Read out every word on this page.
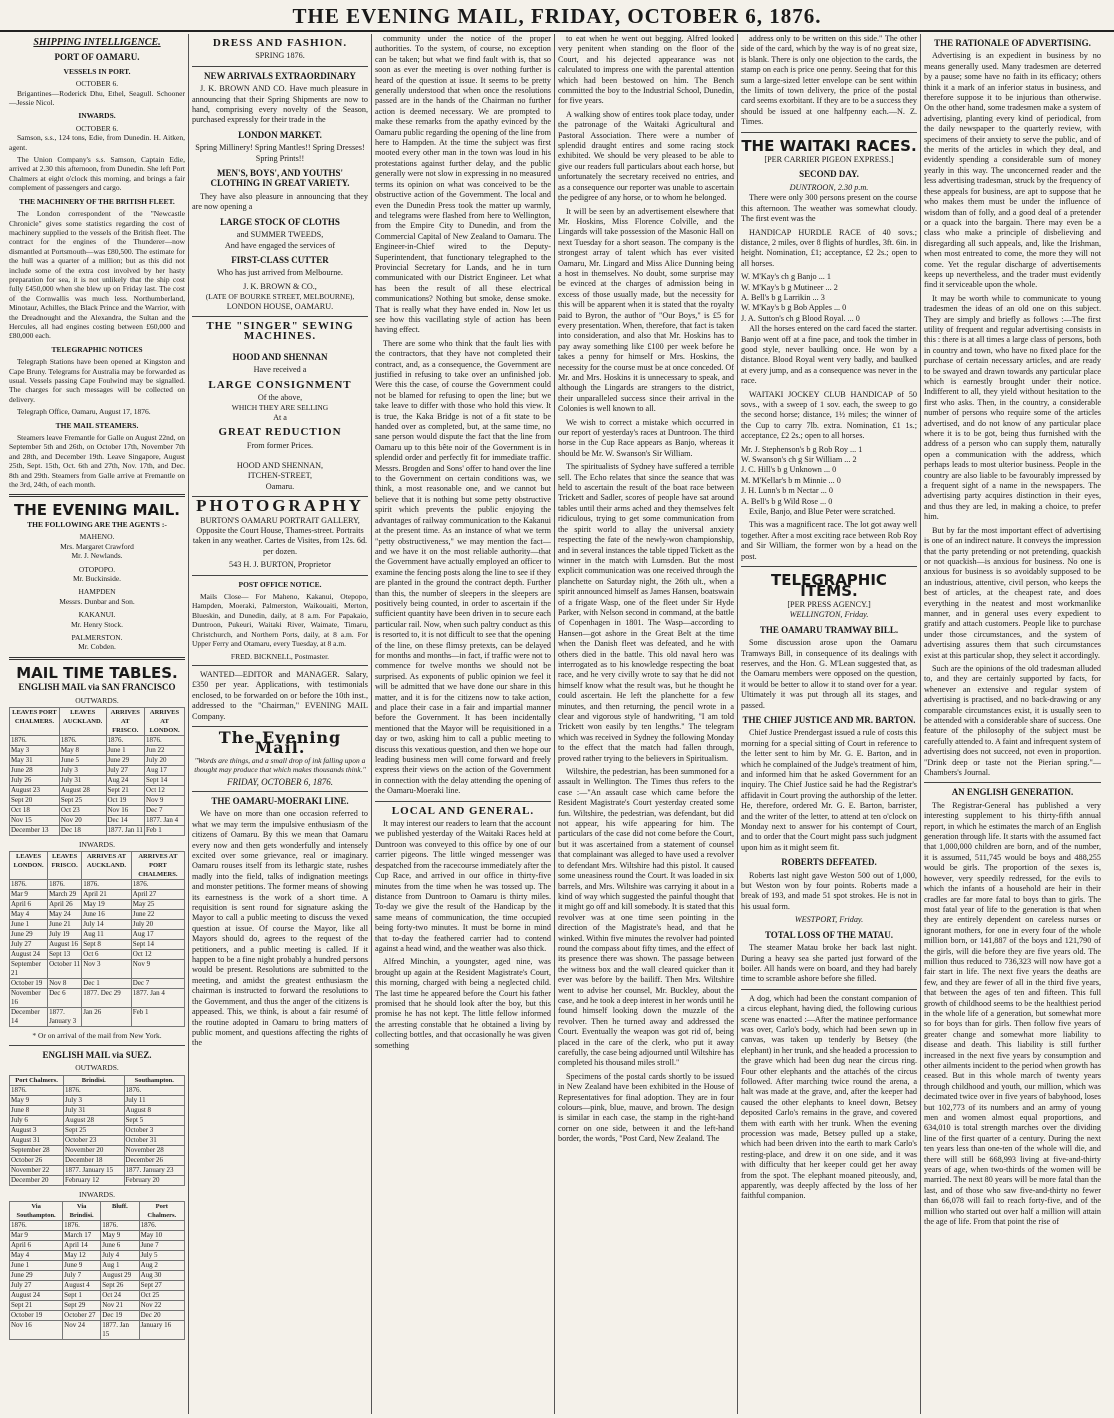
THE EVENING MAIL, FRIDAY, OCTOBER 6, 1876.
SHIPPING INTELLIGENCE.
PORT OF OAMARU.
VESSELS IN PORT.
OCTOBER 6.

Brigantines—Roderick Dhu, Ethel, Seagull. Schooner—Jessie Nicol.

INWARDS.
OCTOBER 6.

Samson, s.s., 124 tons, Edie, from Dunedin. H. Aitken, agent.

The Union Company's s.s. Samson, Captain Edie, arrived at 2.30 this afternoon, from Dunedin. She left Port Chalmers at eight o'clock this morning, and brings a fair complement of passengers and cargo.

THE MACHINERY OF THE BRITISH FLEET.

The London correspondent of the "Newcastle Chronicle" gives some statistics regarding the cost of machinery supplied to the vessels of the British fleet. The contract for the engines of the Thunderer—now dismantled at Portsmouth—was £80,500. The estimate for the hull was a quarter of a million; but as this did not include some of the extra cost involved by her hasty preparation for sea, it is not unlikely that the ship cost fully £450,000 when she blew up on Friday last. The cost of the Cornwallis was much less. Northumberland, Minotaur, Achilles, the Black Prince and the Warrior, with the Dreadnought and the Alexandra, the Sultan and the Hercules, all had engines costing between £60,000 and £80,000 each.

TELEGRAPHIC NOTICES

Telegraph Stations have been opened at Kingston and Cape Bruny. Telegrams for Australia may be forwarded as usual. Vessels passing Cape Foulwind may be signalled. The charges for such messages will be collected on delivery.

Telegraph Office, Oamaru, August 17, 1876.

THE MAIL STEAMERS.

Steamers leave Fremantle for Galle on August 22nd, on September 5th and 26th, on October 17th, November 7th and 28th, and December 19th. Leave Singapore, August 25th, Sept. 15th, Oct. 6th and 27th, Nov. 17th, and Dec. 8th and 29th. Steamers from Galle arrive at Fremantle on the 3rd, 24th, of each month.

THE EVENING MAIL.
THE FOLLOWING ARE THE AGENTS :-
MAHENO.
Mrs. Margaret Crawford
Mr. J. Newlands.
OTOPOPO.
Mr. Buckinside.
HAMPDEN
Messrs. Dunbar and Son.
KAKANUI.
Mr. Henry Stock.
PALMERSTON.
Mr. Cobden.
MAIL TIME TABLES.
ENGLISH MAIL via SAN FRANCISCO
OUTWARDS.
LEAVES PORT CHALMERS.	LEAVES AUCKLAND.	ARRIVES AT FRISCO.	ARRIVES AT LONDON.
1876.	1876.	1876.	1876.
May 3	May 8	June 1	Jun 22
May 31	June 5	June 29	July 20
June 28	July 3	July 27	Aug 17
July 26	July 31	Aug 24	Sept 14
August 23	August 28	Sept 21	Oct 12
Sept 20	Sept 25	Oct 19	Nov 9
Oct 18	Oct 23	Nov 16	Dec 7
Nov 15	Nov 20	Dec 14	1877. Jan 4
December 13	Dec 18	1877. Jan 11	Feb 1
INWARDS.
LEAVES LONDON.	LEAVES FRISCO.	ARRIVES AT AUCKLAND.	ARRIVES AT PORT CHALMERS.
1876.	1876.	1876.	1876.
Mar 9	March 29	April 21	April 27
April 6	April 26	May 19	May 25
May 4	May 24	June 16	June 22
June 1	June 21	July 14	July 20
June 29	July 19	Aug 11	Aug 17
July 27	August 16	Sept 8	Sept 14
August 24	Sept 13	Oct 6	Oct 12
September 21	October 11	Nov 3	Nov 9
October 19	Nov 8	Dec 1	Dec 7
November 16	Dec 6	1877. Dec 29	1877. Jan 4
December 14	1877. January 3	Jan 26	Feb 1
* Or on arrival of the mail from New York.
ENGLISH MAIL via SUEZ.
OUTWARDS.
Port Chalmers.	Brindisi.	Southampton.
1876.	1876.	1876.
May 9	July 3	July 11
June 8	July 31	August 8
July 6	August 28	Sept 5
August 3	Sept 25	October 3
August 31	October 23	October 31
September 28	November 20	November 28
October 26	December 18	December 26
November 22	1877. January 15	1877. January 23
December 20	February 12	February 20
INWARDS.
Via Southampton.	Via Brindisi.	Bluff.	Port Chalmers.
1876.	1876.	1876.	1876.
Mar 9	March 17	May 9	May 10
April 6	April 14	June 6	June 7
May 4	May 12	July 4	July 5
June 1	June 9	Aug 1	Aug 2
June 29	July 7	August 29	Aug 30
July 27	August 4	Sept 26	Sept 27
August 24	Sept 1	Oct 24	Oct 25
Sept 21	Sept 29	Nov 21	Nov 22
October 19	October 27	Dec 19	Dec 20
Nov 16	Nov 24	1877. Jan 15	January 16
DRESS AND FASHION.
SPRING 1876.
NEW ARRIVALS EXTRAORDINARY

J. K. BROWN AND CO. Have much pleasure in announcing that their Spring Shipments are now to hand, comprising every novelty of the Season, purchased expressly for their trade in the

LONDON MARKET.
Spring Millinery! Spring Mantles!! Spring Dresses! Spring Prints!!
MEN'S, BOYS', AND YOUTHS' CLOTHING IN GREAT VARIETY.

They have also pleasure in announcing that they are now opening a

LARGE STOCK OF CLOTHS
and SUMMER TWEEDS,
And have engaged the services of
FIRST-CLASS CUTTER
Who has just arrived from Melbourne.
J. K. BROWN & CO.,
(LATE OF BOURKE STREET, MELBOURNE),
LONDON HOUSE, OAMARU.
THE "SINGER" SEWING MACHINES.
HOOD AND SHENNAN
Have received a
LARGE CONSIGNMENT
Of the above,
WHICH THEY ARE SELLING
At a
GREAT REDUCTION
From former Prices.
HOOD AND SHENNAN,
ITCHEN-STREET,
Oamaru.
PHOTOGRAPHY

BURTON'S OAMARU PORTRAIT GALLERY, Opposite the Court House, Thames-street. Portraits taken in any weather. Cartes de Visites, from 12s. 6d. per dozen.

543 H. J. BURTON, Proprietor
POST OFFICE NOTICE.

Mails Close— For Maheno, Kakanui, Otepopo, Hampden, Moeraki, Palmerston, Waikouaiti, Merton, Blueskin, and Dunedin, daily, at 8 a.m. For Papakaio, Duntroon, Pukeuri, Waitaki River, Waimate, Timaru, Christchurch, and Northern Ports, daily, at 8 a.m. For Upper Ferry and Otamaru, every Tuesday, at 8 a.m.

FRED. BICKNELL, Postmaster.

WANTED—EDITOR and MANAGER. Salary, £350 per year. Applications, with testimonials enclosed, to be forwarded on or before the 10th inst., addressed to the "Chairman," EVENING MAIL Company.

The Evening Mail.
"Words are things, and a small drop of ink falling upon a thought may produce that which makes thousands think."
FRIDAY, OCTOBER 6, 1876.
THE OAMARU-MOERAKI LINE.

We have on more than one occasion referred to what we may term the impulsive enthusiasm of the citizens of Oamaru. By this we mean that Oamaru every now and then gets wonderfully and intensely excited over some grievance, real or imaginary. Oamaru rouses itself from its lethargic state, rushes madly into the field, talks of indignation meetings and monster petitions. The former means of showing its earnestness is the work of a short time. A requisition is sent round for signature asking the Mayor to call a public meeting to discuss the vexed question at issue. Of course the Mayor, like all Mayors should do, agrees to the request of the petitioners, and a public meeting is called. If it happen to be a fine night probably a hundred persons would be present. Resolutions are submitted to the meeting, and amidst the greatest enthusiasm the chairman is instructed to forward the resolutions to the Government, and thus the anger of the citizens is appeased. This, we think, is about a fair resumé of the routine adopted in Oamaru to bring matters of public moment, and questions affecting the rights of the

community under the notice of the proper authorities. To the system, of course, no exception can be taken; but what we find fault with is, that so soon as ever the meeting is over nothing further is heard of the question at issue. It seems to be pretty generally understood that when once the resolutions passed are in the hands of the Chairman no further action is deemed necessary. We are prompted to make these remarks from the apathy evinced by the Oamaru public regarding the opening of the line from here to Hampden. At the time the subject was first mooted every other man in the town was loud in his protestations against further delay, and the public generally were not slow in expressing in no measured terms its opinion on what was conceived to be the obstructive action of the Government. The local and even the Dunedin Press took the matter up warmly, and telegrams were flashed from here to Wellington, from the Empire City to Dunedin, and from the Commercial Capital of New Zealand to Oamaru. The Engineer-in-Chief wired to the Deputy-Superintendent, that functionary telegraphed to the Provincial Secretary for Lands, and he in turn communicated with our District Engineer. Let what has been the result of all these electrical communications? Nothing but smoke, dense smoke. That is really what they have ended in. Now let us see how this vacillating style of action has been having effect.

There are some who think that the fault lies with the contractors, that they have not completed their contract, and, as a consequence, the Government are justified in refusing to take over an unfinished job. Were this the case, of course the Government could not be blamed for refusing to open the line; but we take leave to differ with those who hold this view. It is true, the Kaka Bridge is not of a fit state to be handed over as completed, but, at the same time, no sane person would dispute the fact that the line from Oamaru up to this bête noir of the Government is in splendid order and perfectly fit for immediate traffic. Messrs. Brogden and Sons' offer to hand over the line to the Government on certain conditions was, we think, a most reasonable one, and we cannot but believe that it is nothing but some petty obstructive spirit which prevents the public enjoying the advantages of railway communication to the Kakanui at the present time. As an instance of what we term "petty obstructiveness," we may mention the fact—and we have it on the most reliable authority—that the Government have actually employed an officer to examine the fencing posts along the line to see if they are planted in the ground the contract depth. Further than this, the number of sleepers in the sleepers are positively being counted, in order to ascertain if the sufficient quantity have been driven in to secure each particular rail. Now, when such paltry conduct as this is resorted to, it is not difficult to see that the opening of the line, on these flimsy pretexts, can be delayed for months and months—in fact, if traffic were not to commence for twelve months we should not be surprised. As exponents of public opinion we feel it will be admitted that we have done our share in this matter, and it is for the citizens now to take action, and place their case in a fair and impartial manner before the Government. It has been incidentally mentioned that the Mayor will be requisitioned in a day or two, asking him to call a public meeting to discuss this vexatious question, and then we hope our leading business men will come forward and freely express their views on the action of the Government in connection with the delay attending the opening of the Oamaru-Moeraki line.

LOCAL AND GENERAL.

It may interest our readers to learn that the account we published yesterday of the Waitaki Races held at Duntroon was conveyed to this office by one of our carrier pigeons. The little winged messenger was despatched from the racecourse immediately after the Cup Race, and arrived in our office in thirty-five minutes from the time when he was tossed up. The distance from Duntroon to Oamaru is thirty miles. To-day we give the result of the Handicap by the same means of communication, the time occupied being forty-two minutes. It must be borne in mind that to-day the feathered carrier had to contend against a head wind, and the weather was also thick.

Alfred Minchin, a youngster, aged nine, was brought up again at the Resident Magistrate's Court, this morning, charged with being a neglected child. The last time he appeared before the Court his father promised that he should look after the boy, but this promise he has not kept. The little fellow informed the arresting constable that he obtained a living by collecting bottles, and that occasionally he was given something

to eat when he went out begging. Alfred looked very penitent when standing on the floor of the Court, and his dejected appearance was not calculated to impress one with the parental attention which had been bestowed on him. The Bench committed the boy to the Industrial School, Dunedin, for five years.

A walking show of entires took place today, under the patronage of the Waitaki Agricultural and Pastoral Association. There were a number of splendid draught entires and some racing stock exhibited. We should be very pleased to be able to give our readers full particulars about each horse, but unfortunately the secretary received no entries, and as a consequence our reporter was unable to ascertain the pedigree of any horse, or to whom he belonged.

It will be seen by an advertisement elsewhere that Mr. Hoskins, Miss Florence Colville, and the Lingards will take possession of the Masonic Hall on next Tuesday for a short season. The company is the strongest array of talent which has ever visited Oamaru, Mr. Lingard and Miss Alice Dunning being a host in themselves. No doubt, some surprise may be evinced at the charges of admission being in excess of those usually made, but the necessity for this will be apparent when it is stated that the royalty paid to Byron, the author of "Our Boys," is £5 for every presentation. When, therefore, that fact is taken into consideration, and also that Mr. Hoskins has to pay away something like £100 per week before he takes a penny for himself or Mrs. Hoskins, the necessity for the course must be at once conceded. Of Mr. and Mrs. Hoskins it is unnecessary to speak, and although the Lingards are strangers to the district, their unparalleled success since their arrival in the Colonies is well known to all.

We wish to correct a mistake which occurred in our report of yesterday's races at Duntroon. The third horse in the Cup Race appears as Banjo, whereas it should be Mr. W. Swanson's Sir William.

The spiritualists of Sydney have suffered a terrible sell. The Echo relates that since the seance that was held to ascertain the result of the boat race between Trickett and Sadler, scores of people have sat around tables until their arms ached and they themselves felt ridiculous, trying to get some communication from the spirit world to allay the universal anxiety respecting the fate of the newly-won championship, and in several instances the table tipped Tickett as the winner in the match with Lumsden. But the most explicit communication was one received through the planchette on Saturday night, the 26th ult., when a spirit announced himself as James Hansen, boatswain of a frigate Wasp, one of the fleet under Sir Hyde Parker, with Nelson second in command, at the battle of Copenhagen in 1801. The Wasp—according to Hansen—got ashore in the Great Belt at the time when the Danish fleet was defeated, and he with others died in the battle. This old naval hero was interrogated as to his knowledge respecting the boat race, and he very civilly wrote to say that he did not himself know what the result was, but he thought he could ascertain. He left the planchette for a few minutes, and then returning, the pencil wrote in a clear and vigorous style of handwriting, "I am told Trickett won easily by ten lengths." The telegram which was received in Sydney the following Monday to the effect that the match had fallen through, proved rather trying to the believers in Spiritualism.

Wiltshire, the pedestrian, has been summoned for a assault in Wellington. The Times thus refers to the case :—"An assault case which came before the Resident Magistrate's Court yesterday created some fun. Wiltshire, the pedestrian, was defendant, but did not appear, his wife appearing for him. The particulars of the case did not come before the Court, but it was ascertained from a statement of counsel that complainant was alleged to have used a revolver to defendant Mrs. Wiltshire had this pistol. It caused some uneasiness round the Court. It was loaded in six barrels, and Mrs. Wiltshire was carrying it about in a kind of way which suggested the painful thought that it might go off and kill somebody. It is stated that this revolver was at one time seen pointing in the direction of the Magistrate's head, and that he winked. Within five minutes the revolver had pointed round the compass about fifty times, and the effect of its presence there was shown. The passage between the witness box and the wall cleared quicker than it ever was before by the bailiff. Then Mrs. Wiltshire went to advise her counsel, Mr. Buckley, about the case, and he took a deep interest in her words until he found himself looking down the muzzle of the revolver. Then he turned away and addressed the Court. Eventually the weapon was got rid of, being placed in the care of the clerk, who put it away carefully, the case being adjourned until Wiltshire has completed his thousand miles stroll."

Specimens of the postal cards shortly to be issued in New Zealand have been exhibited in the House of Representatives for final adoption. They are in four colours—pink, blue, mauve, and brown. The design is similar in each case, the stamp in the right-hand corner on one side, between it and the left-hand border, the words, "Post Card, New Zealand. The

address only to be written on this side." The other side of the card, which by the way is of no great size, is blank. There is only one objection to the cards, the stamp on each is price one penny. Seeing that for this sum a large-sized letter envelope can be sent within the limits of town delivery, the price of the postal card seems exorbitant. If they are to be a success they should be issued at one halfpenny each.—N. Z. Times.

THE WAITAKI RACES.
[PER CARRIER PIGEON EXPRESS.]
SECOND DAY.
DUNTROON, 2.30 p.m.

There were only 300 persons present on the course this afternoon. The weather was somewhat cloudy. The first event was the

HANDICAP HURDLE RACE of 40 sovs.; distance, 2 miles, over 8 flights of hurdles, 3ft. 6in. in height. Nomination, £1; acceptance, £2 2s.; open to all horses.

W. M'Kay's ch g Banjo ... 1
W. M'Kay's b g Mutineer ... 2
A. Bell's b g Larrikin ... 3
W. M'Kay's b g Bob Apples ... 0
J. A. Sutton's ch g Blood Royal. ... 0

All the horses entered on the card faced the starter. Banjo went off at a fine pace, and took the timber in good style, never baulking once. He won by a distance. Blood Royal went very badly, and baulked at every jump, and as a consequence was never in the race.

WAITAKI JOCKEY CLUB HANDICAP of 50 sovs., with a sweep of 1 sov. each, the sweep to go the second horse; distance, 1½ miles; the winner of the Cup to carry 7lb. extra. Nomination, £1 1s.; acceptance, £2 2s.; open to all horses.

Mr. J. Stephenson's b g Rob Roy ... 1
W. Swanson's ch g Sir William ... 2
J. C. Hill's b g Unknown ... 0
M. M'Kellar's b m Minnie ... 0
J. H. Lunn's b m Nectar ... 0
A. Bell's b g Wild Rose ... 0

Exile, Banjo, and Blue Peter were scratched.

This was a magnificent race. The lot got away well together. After a most exciting race between Rob Roy and Sir William, the former won by a head on the post.

TELEGRAPHIC ITEMS.
[PER PRESS AGENCY.]
WELLINGTON, Friday.
THE OAMARU TRAMWAY BILL.

Some discussion arose upon the Oamaru Tramways Bill, in consequence of its dealings with reserves, and the Hon. G. M'Lean suggested that, as the Oamaru members were opposed on the question, it would be better to allow it to stand over for a year. Ultimately it was put through all its stages, and passed.

THE CHIEF JUSTICE AND MR. BARTON.

Chief Justice Prendergast issued a rule of costs this morning for a special sitting of Court in reference to the letter sent to him by Mr. G. E. Barton, and in which he complained of the Judge's treatment of him, and informed him that he asked Government for an inquiry. The Chief Justice said he had the Registrar's affidavit in Court proving the authorship of the letter. He, therefore, ordered Mr. G. E. Barton, barrister, and the writer of the letter, to attend at ten o'clock on Monday next to answer for his contempt of Court, and to order that the Court might pass such judgment upon him as it might seem fit.

ROBERTS DEFEATED.

Roberts last night gave Weston 500 out of 1,000, but Weston won by four points. Roberts made a break of 193, and made 51 spot strokes. He is not in his usual form.

WESTPORT, Friday.
TOTAL LOSS OF THE MATAU.

The steamer Matau broke her back last night. During a heavy sea she parted just forward of the boiler. All hands were on board, and they had barely time to scramble ashore before she filled.

A dog, which had been the constant companion of a circus elephant, having died, the following curious scene was enacted :—After the matinee performance was over, Carlo's body, which had been sewn up in canvas, was taken up tenderly by Betsey (the elephant) in her trunk, and she headed a procession to the grave which had been dug near the circus ring. Four other elephants and the attachés of the circus followed. After marching twice round the arena, a halt was made at the grave, and, after the keeper had caused the other elephants to kneel down, Betsey deposited Carlo's remains in the grave, and covered them with earth with her trunk. When the evening procession was made, Betsey pulled up a stake, which had been driven into the earth to mark Carlo's resting-place, and drew it on one side, and it was with difficulty that her keeper could get her away from the spot. The elephant moaned piteously, and, apparently, was deeply affected by the loss of her faithful companion.

THE RATIONALE OF ADVERTISING.

Advertising is an expedient in business by no means generally used. Many tradesmen are deterred by a pause; some have no faith in its efficacy; others think it a mark of an inferior status in business, and therefore suppose it to be injurious than otherwise. On the other hand, some tradesmen make a system of advertising, planting every kind of periodical, from the daily newspaper to the quarterly review, with specimens of their anxiety to serve the public, and of the merits of the articles in which they deal, and evidently spending a considerable sum of money yearly in this way. The unconcerned reader and the less advertising tradesman, struck by the frequency of these appeals for business, are apt to suppose that he who makes them must be under the influence of wisdom than of folly, and a good deal of a pretender or a quack into the bargain. There may even be a class who make a principle of disbelieving and disregarding all such appeals, and, like the Irishman, when most entreated to come, the more they will not come. Yet the regular discharge of advertisements keeps up nevertheless, and the trader must evidently find it serviceable upon the whole.

It may be worth while to communicate to young tradesmen the ideas of an old one on this subject. They are simply and briefly as follows :—The first utility of frequent and regular advertising consists in this : there is at all times a large class of persons, both in country and town, who have no fixed place for the purchase of certain necessary articles, and are ready to be swayed and drawn towards any particular place which is earnestly brought under their notice. Indifferent to all, they yield without hesitation to the first who asks. Then, in the country, a considerable number of persons who require some of the articles advertised, and do not know of any particular place where it is to be got, being thus furnished with the address of a person who can supply them, naturally open a communication with the address, which perhaps leads to most ulterior business. People in the country are also liable to be favourably impressed by a frequent sight of a name in the newspapers. The advertising party acquires distinction in their eyes, and thus they are led, in making a choice, to prefer him.

But by far the most important effect of advertising is one of an indirect nature. It conveys the impression that the party pretending or not pretending, quackish or not quackish—is anxious for business. No one is anxious for business is so avoidably supposed to be an industrious, attentive, civil person, who keeps the best of articles, at the cheapest rate, and does everything in the neatest and most workmanlike manner, and in general uses every expedient to gratify and attach customers. People like to purchase under those circumstances, and the system of advertising assures them that such circumstances exist at this particular shop, they select it accordingly.

Such are the opinions of the old tradesman alluded to, and they are certainly supported by facts, for whenever an extensive and regular system of advertising is practised, and no back-drawing or any comparable circumstances exist, it is usually seen to be attended with a considerable share of success. One feature of the philosophy of the subject must be carefully attended to. A faint and infrequent system of advertising does not succeed, not even in proportion. "Drink deep or taste not the Pierian spring."—Chambers's Journal.

AN ENGLISH GENERATION.

The Registrar-General has published a very interesting supplement to his thirty-fifth annual report, in which he estimates the march of an English generation through life. It starts with the assumed fact that 1,000,000 children are born, and of the number, it is assumed, 511,745 would be boys and 488,255 would be girls. The proportion of the sexes is, however, very speedily redressed, for the evils to which the infants of a household are heir in their cradles are far more fatal to boys than to girls. The most fatal year of life to the generation is that when they are entirely dependent on careless nurses or ignorant mothers, for one in every four of the whole million born, or 141,887 of the boys and 121,790 of the girls, will die before they are five years old. The million thus reduced to 736,323 will now have got a fair start in life. The next five years the deaths are few, and they are fewer of all in the third five years, that between the ages of ten and fifteen. This full growth of childhood seems to be the healthiest period in the whole life of a generation, but somewhat more so for boys than for girls. Then follow five years of greater change and somewhat more liability to disease and death. This liability is still further increased in the next five years by consumption and other ailments incident to the period when growth has ceased. But in this whole march of twenty years through childhood and youth, our million, which was decimated twice over in five years of babyhood, loses but 102,773 of its numbers and an army of young men and women almost equal proportions, and 634,010 is total strength marches over the dividing line of the first quarter of a century. During the next ten years less than one-ten of the whole will die, and there will still be 668,993 living at five-and-thirty years of age, when two-thirds of the women will be married. The next 80 years will be more fatal than the last, and of those who saw five-and-thirty no fewer than 66,078 will fail to reach forty-five, and of the million who started out over half a million will attain the age of life. From that point the rise of
